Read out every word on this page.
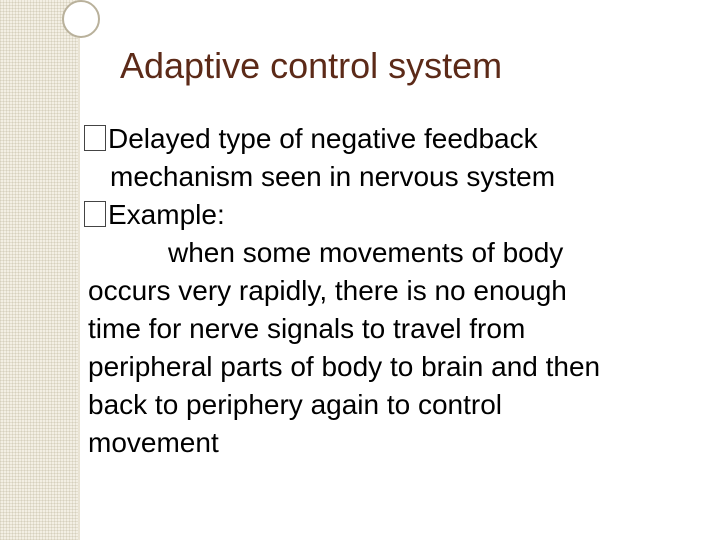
Adaptive control system
Delayed type of negative feedback
mechanism seen in nervous system
Example:
when some movements of body
occurs very rapidly, there is no enough
time for nerve signals to travel from
peripheral parts of body to brain and then
back to periphery again to control
movement
